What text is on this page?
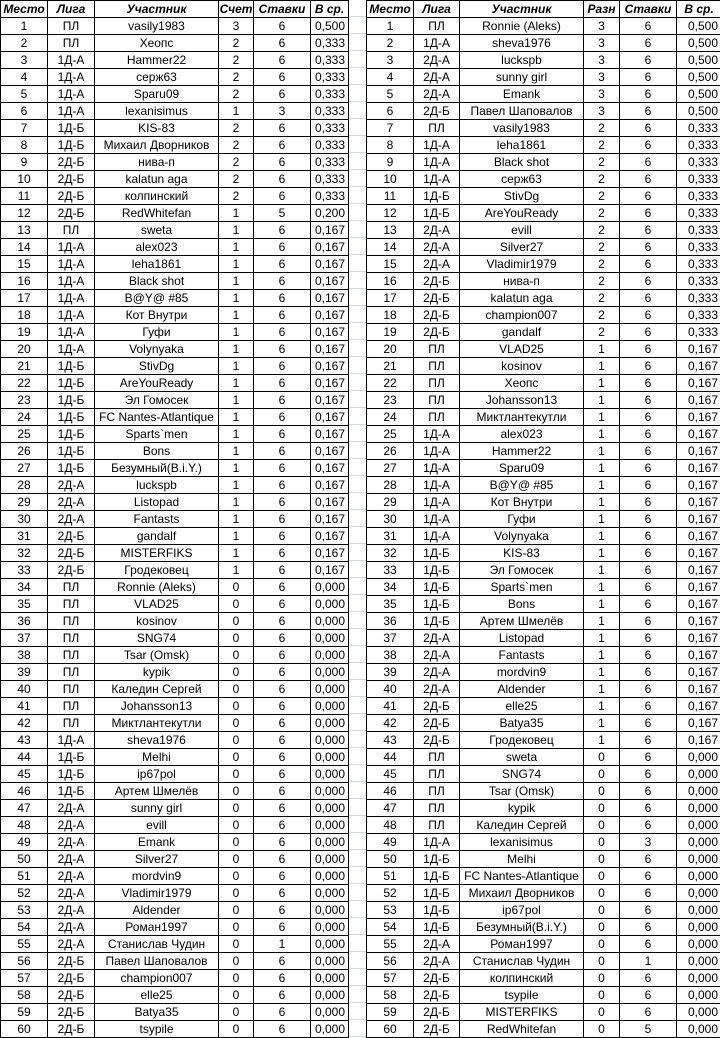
Место	Лига	Участник	Счет	Ставки	В ср.
1	ПЛ	vasily1983	3	6	0,500
2	ПЛ	Хеопс	2	6	0,333
3	1Д-А	Hammer22	2	6	0,333
4	1Д-А	серж63	2	6	0,333
5	1Д-А	Sparu09	2	6	0,333
6	1Д-А	lexanisimus	1	3	0,333
7	1Д-Б	KIS-83	2	6	0,333
8	1Д-Б	Михаил Дворников	2	6	0,333
9	2Д-Б	нива-п	2	6	0,333
10	2Д-Б	kalatun aga	2	6	0,333
11	2Д-Б	колпинский	2	6	0,333
12	2Д-Б	RedWhitefan	1	5	0,200
13	ПЛ	sweta	1	6	0,167
14	1Д-А	alex023	1	6	0,167
15	1Д-А	leha1861	1	6	0,167
16	1Д-А	Black shot	1	6	0,167
17	1Д-А	B@Y@ #85	1	6	0,167
18	1Д-А	Кот Внутри	1	6	0,167
19	1Д-А	Гуфи	1	6	0,167
20	1Д-А	Volynyaka	1	6	0,167
21	1Д-Б	StivDg	1	6	0,167
22	1Д-Б	AreYouReady	1	6	0,167
23	1Д-Б	Эл Гомосек	1	6	0,167
24	1Д-Б	FC Nantes-Atlantique	1	6	0,167
25	1Д-Б	Sparts`men	1	6	0,167
26	1Д-Б	Bons	1	6	0,167
27	1Д-Б	Безумный(B.i.Y.)	1	6	0,167
28	2Д-А	luckspb	1	6	0,167
29	2Д-А	Listopad	1	6	0,167
30	2Д-А	Fantasts	1	6	0,167
31	2Д-Б	gandalf	1	6	0,167
32	2Д-Б	MISTERFIKS	1	6	0,167
33	2Д-Б	Гродековец	1	6	0,167
34	ПЛ	Ronnie (Aleks)	0	6	0,000
35	ПЛ	VLAD25	0	6	0,000
36	ПЛ	kosinov	0	6	0,000
37	ПЛ	SNG74	0	6	0,000
38	ПЛ	Tsar (Omsk)	0	6	0,000
39	ПЛ	kypik	0	6	0,000
40	ПЛ	Каледин Сергей	0	6	0,000
41	ПЛ	Johansson13	0	6	0,000
42	ПЛ	Миктлантекутли	0	6	0,000
43	1Д-А	sheva1976	0	6	0,000
44	1Д-Б	Melhi	0	6	0,000
45	1Д-Б	ip67pol	0	6	0,000
46	1Д-Б	Артем Шмелёв	0	6	0,000
47	2Д-А	sunny girl	0	6	0,000
48	2Д-А	evill	0	6	0,000
49	2Д-А	Emank	0	6	0,000
50	2Д-А	Silver27	0	6	0,000
51	2Д-А	mordvin9	0	6	0,000
52	2Д-А	Vladimir1979	0	6	0,000
53	2Д-А	Aldender	0	6	0,000
54	2Д-А	Роман1997	0	6	0,000
55	2Д-А	Станислав Чудин	0	1	0,000
56	2Д-Б	Павел Шаповалов	0	6	0,000
57	2Д-Б	champion007	0	6	0,000
58	2Д-Б	elle25	0	6	0,000
59	2Д-Б	Batya35	0	6	0,000
60	2Д-Б	tsypile	0	6	0,000
Место	Лига	Участник	Разн	Ставки	В ср.
1	ПЛ	Ronnie (Aleks)	3	6	0,500
2	1Д-А	sheva1976	3	6	0,500
3	2Д-А	luckspb	3	6	0,500
4	2Д-А	sunny girl	3	6	0,500
5	2Д-А	Emank	3	6	0,500
6	2Д-Б	Павел Шаповалов	3	6	0,500
7	ПЛ	vasily1983	2	6	0,333
8	1Д-А	leha1861	2	6	0,333
9	1Д-А	Black shot	2	6	0,333
10	1Д-А	серж63	2	6	0,333
11	1Д-Б	StivDg	2	6	0,333
12	1Д-Б	AreYouReady	2	6	0,333
13	2Д-А	evill	2	6	0,333
14	2Д-А	Silver27	2	6	0,333
15	2Д-А	Vladimir1979	2	6	0,333
16	2Д-Б	нива-п	2	6	0,333
17	2Д-Б	kalatun aga	2	6	0,333
18	2Д-Б	champion007	2	6	0,333
19	2Д-Б	gandalf	2	6	0,333
20	ПЛ	VLAD25	1	6	0,167
21	ПЛ	kosinov	1	6	0,167
22	ПЛ	Хеопс	1	6	0,167
23	ПЛ	Johansson13	1	6	0,167
24	ПЛ	Миктлантекутли	1	6	0,167
25	1Д-А	alex023	1	6	0,167
26	1Д-А	Hammer22	1	6	0,167
27	1Д-А	Sparu09	1	6	0,167
28	1Д-А	B@Y@ #85	1	6	0,167
29	1Д-А	Кот Внутри	1	6	0,167
30	1Д-А	Гуфи	1	6	0,167
31	1Д-А	Volynyaka	1	6	0,167
32	1Д-Б	KIS-83	1	6	0,167
33	1Д-Б	Эл Гомосек	1	6	0,167
34	1Д-Б	Sparts`men	1	6	0,167
35	1Д-Б	Bons	1	6	0,167
36	1Д-Б	Артем Шмелёв	1	6	0,167
37	2Д-А	Listopad	1	6	0,167
38	2Д-А	Fantasts	1	6	0,167
39	2Д-А	mordvin9	1	6	0,167
40	2Д-А	Aldender	1	6	0,167
41	2Д-Б	elle25	1	6	0,167
42	2Д-Б	Batya35	1	6	0,167
43	2Д-Б	Гродековец	1	6	0,167
44	ПЛ	sweta	0	6	0,000
45	ПЛ	SNG74	0	6	0,000
46	ПЛ	Tsar (Omsk)	0	6	0,000
47	ПЛ	kypik	0	6	0,000
48	ПЛ	Каледин Сергей	0	6	0,000
49	1Д-А	lexanisimus	0	3	0,000
50	1Д-Б	Melhi	0	6	0,000
51	1Д-Б	FC Nantes-Atlantique	0	6	0,000
52	1Д-Б	Михаил Дворников	0	6	0,000
53	1Д-Б	ip67pol	0	6	0,000
54	1Д-Б	Безумный(B.i.Y.)	0	6	0,000
55	2Д-А	Роман1997	0	6	0,000
56	2Д-А	Станислав Чудин	0	1	0,000
57	2Д-Б	колпинский	0	6	0,000
58	2Д-Б	tsypile	0	6	0,000
59	2Д-Б	MISTERFIKS	0	6	0,000
60	2Д-Б	RedWhitefan	0	5	0,000
